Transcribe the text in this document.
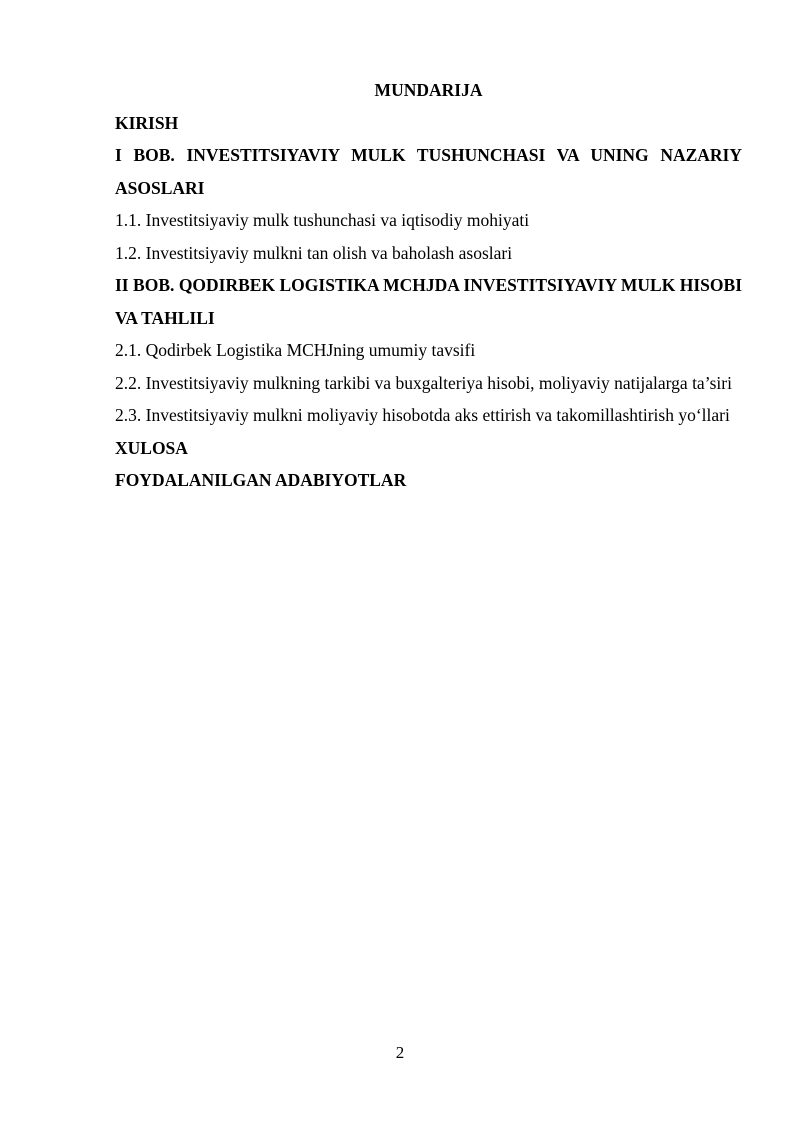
MUNDARIJA

KIRISH

I BOB. INVESTITSIYAVIY MULK TUSHUNCHASI VA UNING NAZARIY ASOSLARI

1.1. Investitsiyaviy mulk tushunchasi va iqtisodiy mohiyati

1.2. Investitsiyaviy mulkni tan olish va baholash asoslari

II BOB. QODIRBEK LOGISTIKA MCHJDA INVESTITSIYAVIY MULK HISOBI VA TAHLILI

2.1. Qodirbek Logistika MCHJning umumiy tavsifi

2.2. Investitsiyaviy mulkning tarkibi va buxgalteriya hisobi, moliyaviy natijalarga ta’siri

2.3. Investitsiyaviy mulkni moliyaviy hisobotda aks ettirish va takomillashtirish yo‘llari

XULOSA

FOYDALANILGAN ADABIYOTLAR

2
